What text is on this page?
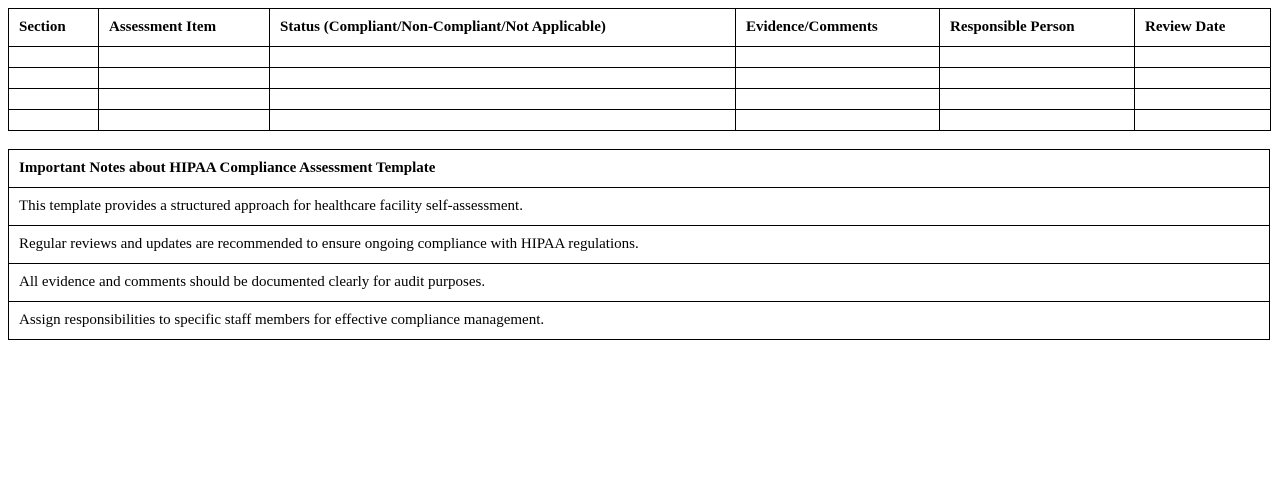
Section	Assessment Item	Status (Compliant/Non-Compliant/Not Applicable)	Evidence/Comments	Responsible Person	Review Date

Important Notes about HIPAA Compliance Assessment Template
This template provides a structured approach for healthcare facility self-assessment.
Regular reviews and updates are recommended to ensure ongoing compliance with HIPAA regulations.
All evidence and comments should be documented clearly for audit purposes.
Assign responsibilities to specific staff members for effective compliance management.
